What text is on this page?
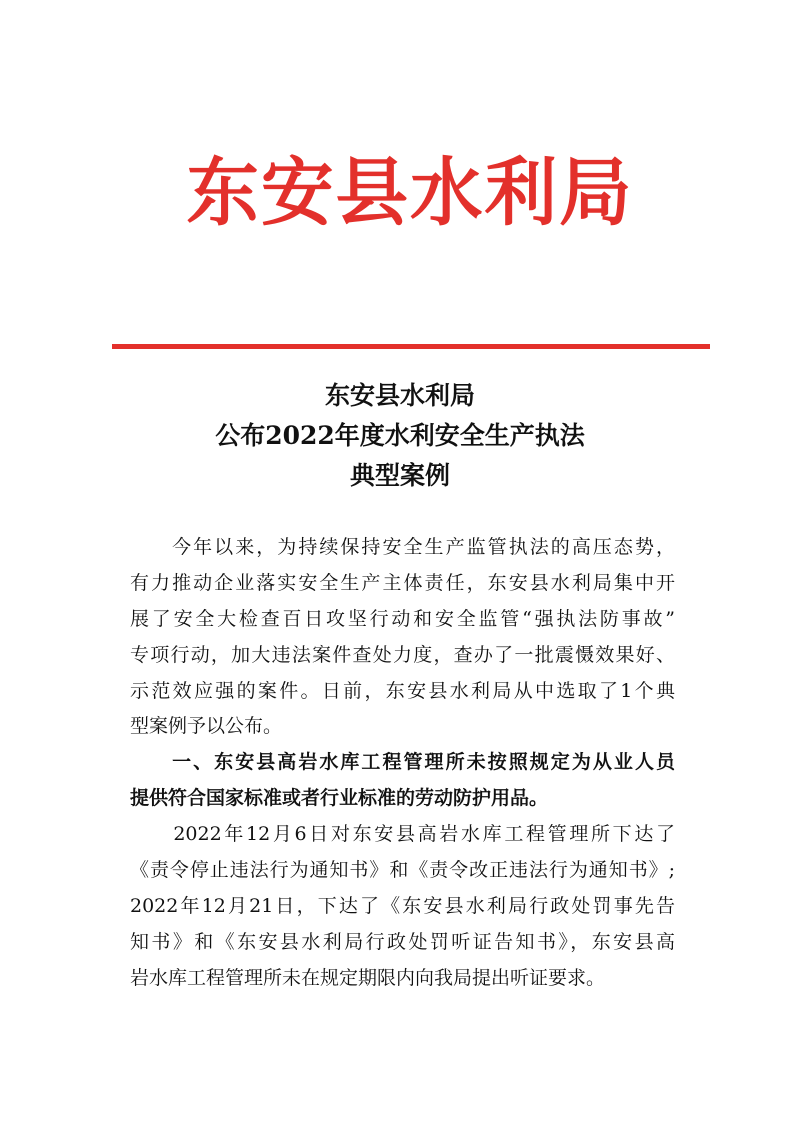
东安县水利局
东安县水利局
公布2022年度水利安全生产执法
典型案例
　　今年以来，为持续保持安全生产监管执法的高压态势，
有力推动企业落实安全生产主体责任，东安县水利局集中开
展了安全大检查百日攻坚行动和安全监管“强执法防事故”
专项行动，加大违法案件查处力度，查办了一批震慑效果好、
示范效应强的案件。日前，东安县水利局从中选取了1个典
型案例予以公布。
　　一、东安县高岩水库工程管理所未按照规定为从业人员
提供符合国家标准或者行业标准的劳动防护用品。
　　2022年12月6日对东安县高岩水库工程管理所下达了
《责令停止违法行为通知书》和《责令改正违法行为通知书》;
2022年12月21日，下达了《东安县水利局行政处罚事先告
知书》和《东安县水利局行政处罚听证告知书》，东安县高
岩水库工程管理所未在规定期限内向我局提出听证要求。
